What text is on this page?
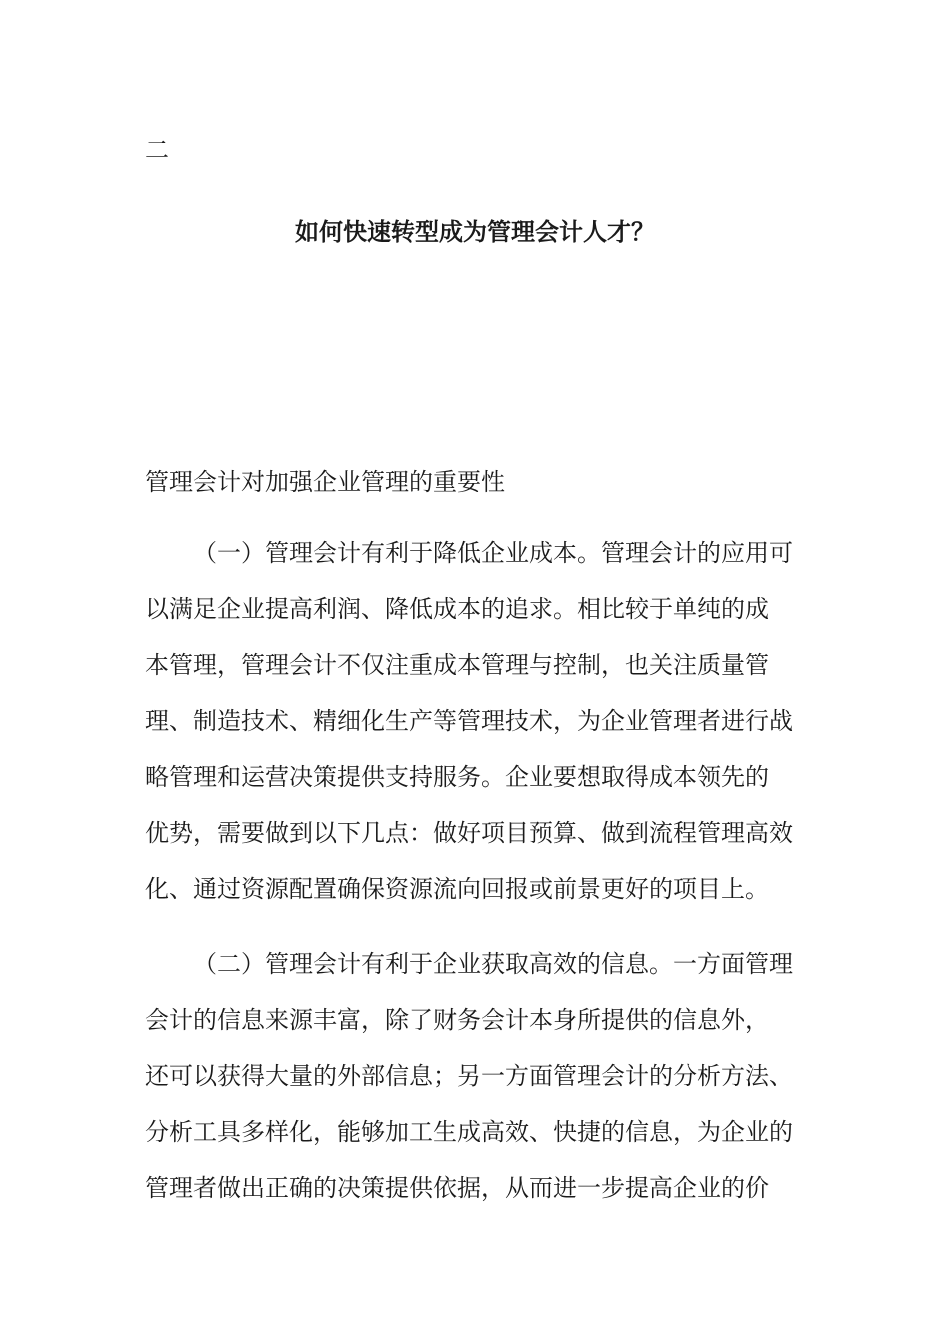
二

如何快速转型成为管理会计人才？

管理会计对加强企业管理的重要性

（一）管理会计有利于降低企业成本。管理会计的应用可
以满足企业提高利润、降低成本的追求。相比较于单纯的成
本管理，管理会计不仅注重成本管理与控制，也关注质量管
理、制造技术、精细化生产等管理技术，为企业管理者进行战
略管理和运营决策提供支持服务。企业要想取得成本领先的
优势，需要做到以下几点：做好项目预算、做到流程管理高效
化、通过资源配置确保资源流向回报或前景更好的项目上。

（二）管理会计有利于企业获取高效的信息。一方面管理
会计的信息来源丰富，除了财务会计本身所提供的信息外，
还可以获得大量的外部信息；另一方面管理会计的分析方法、
分析工具多样化，能够加工生成高效、快捷的信息，为企业的
管理者做出正确的决策提供依据，从而进一步提高企业的价
